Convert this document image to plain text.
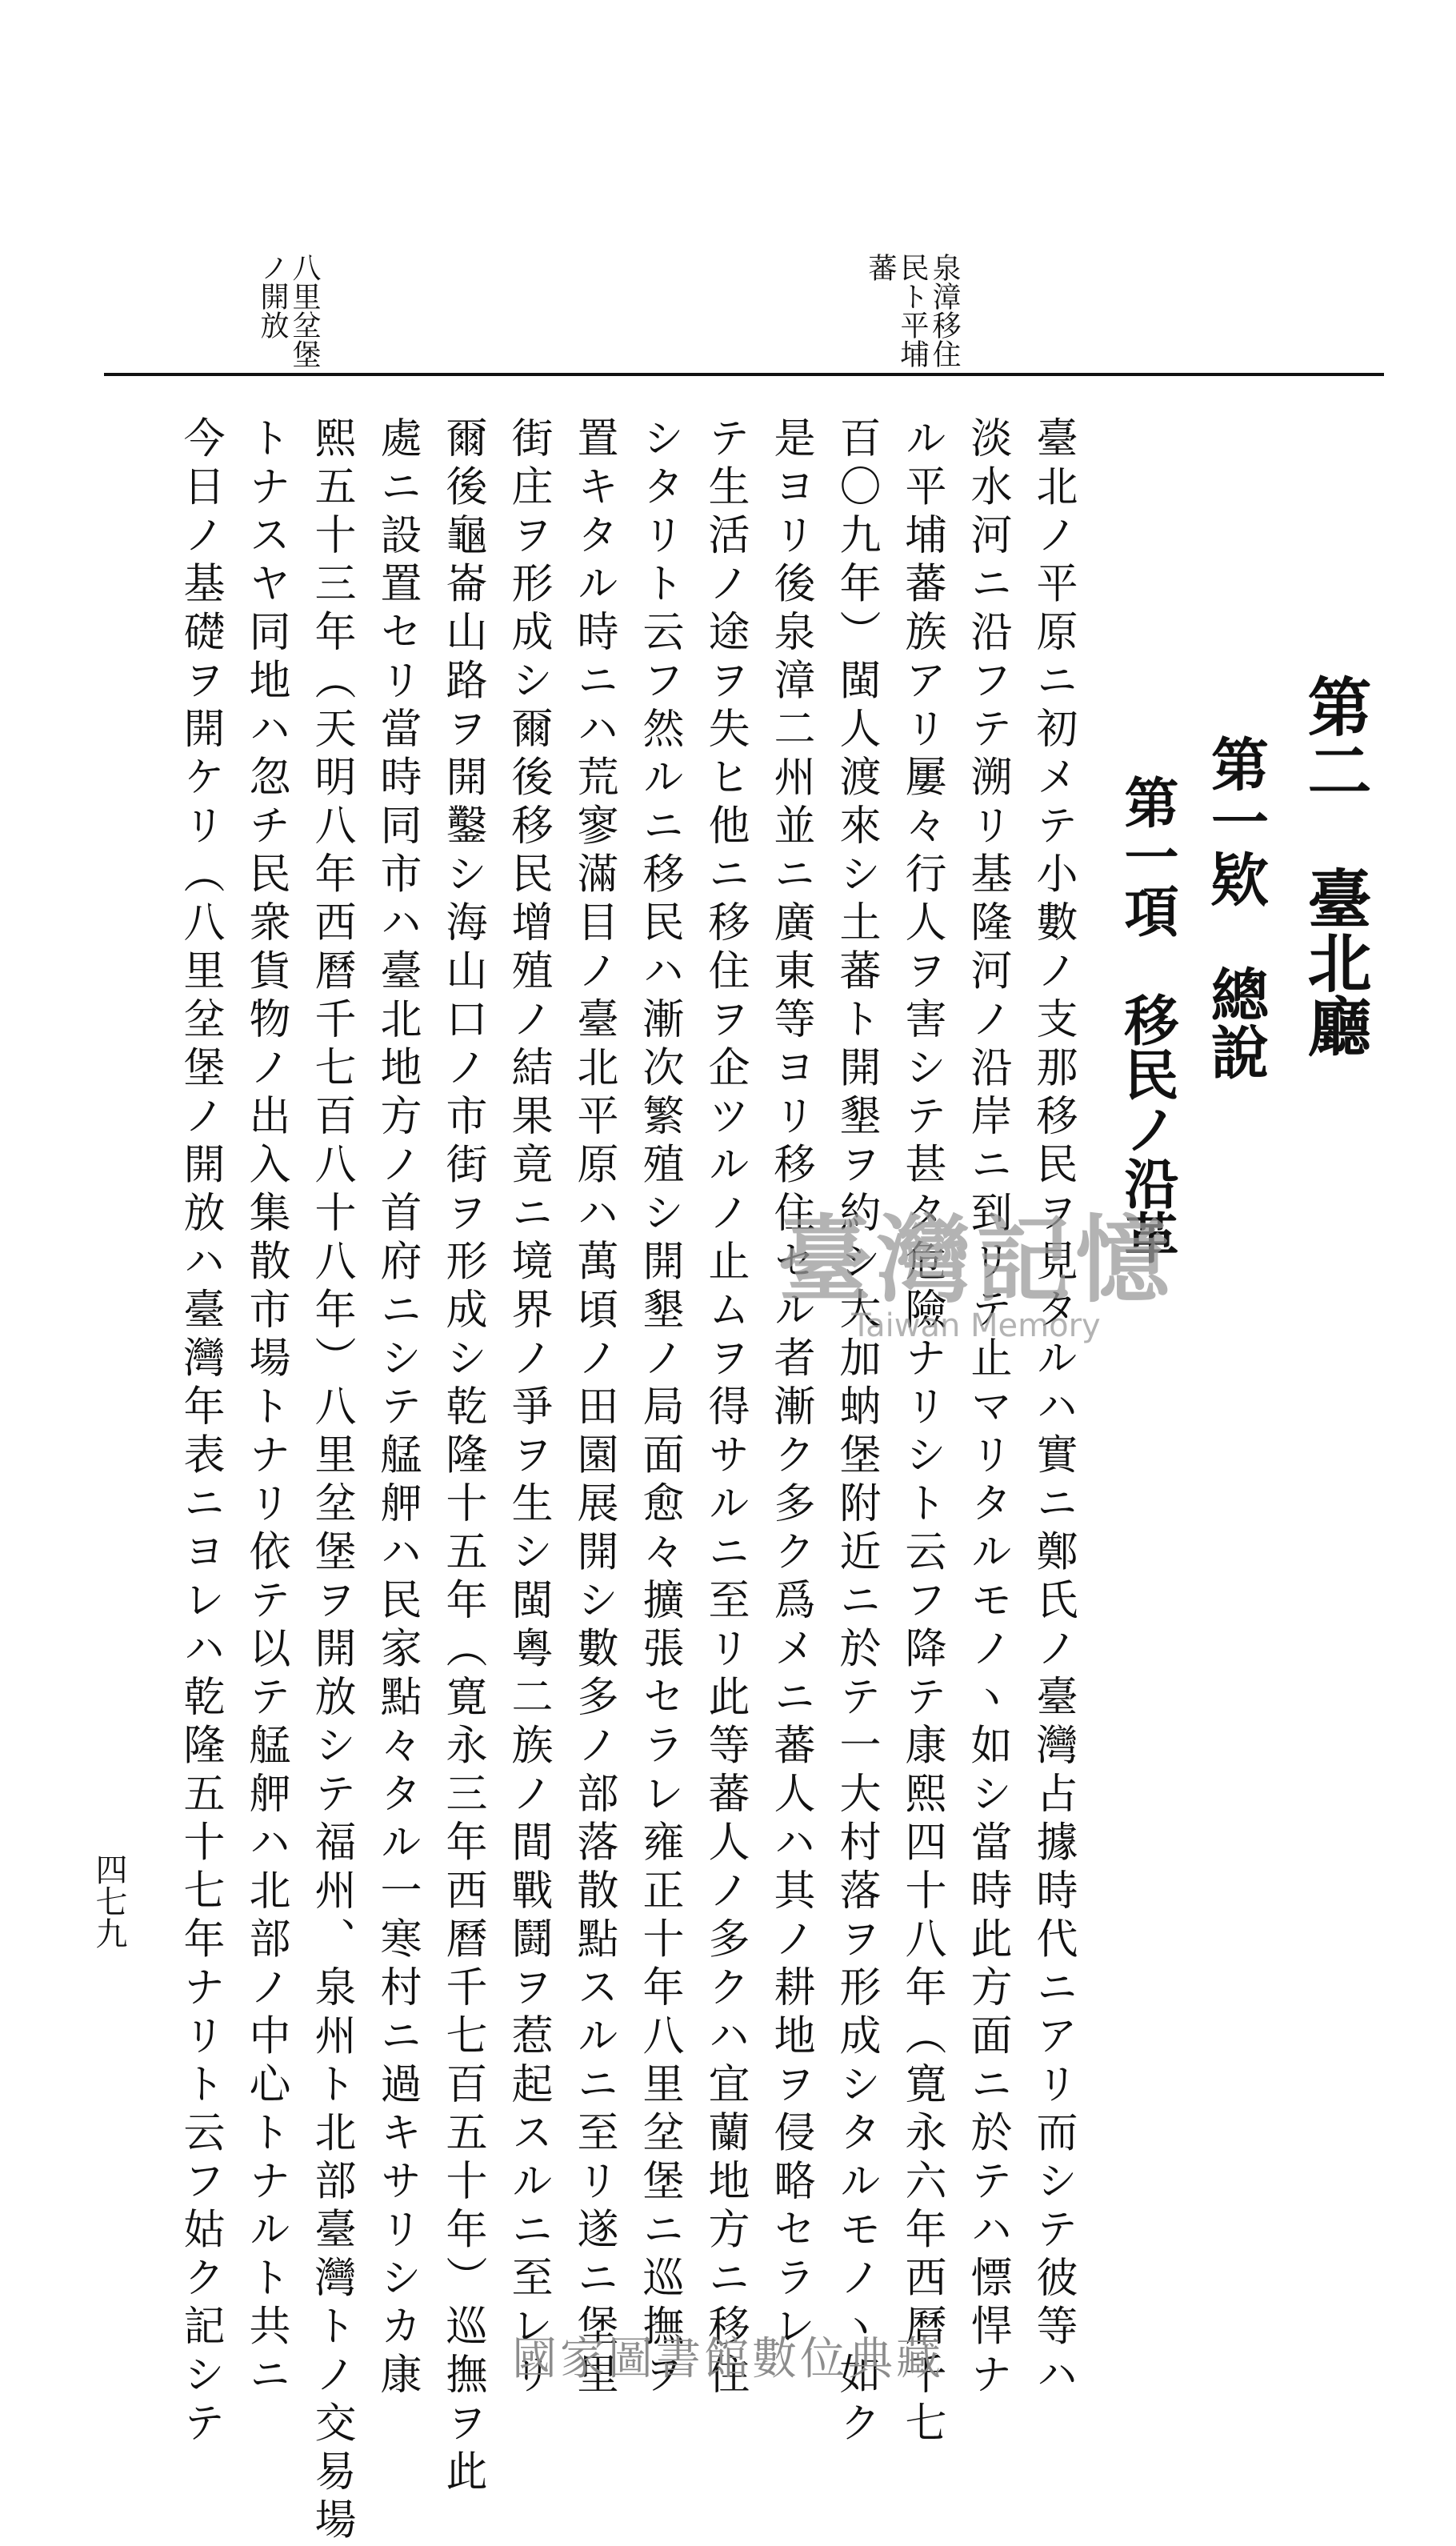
泉漳移住
民ト平埔
蕃
八里坌堡
ノ開放
第二　臺北廳
第一欵　總說
第一項　移民ノ沿革
臺北ノ平原ニ初メテ小數ノ支那移民ヲ見タルハ實ニ鄭氏ノ臺灣占據時代ニアリ而シテ彼等ハ
淡水河ニ沿フテ溯リ基隆河ノ沿岸ニ到リテ止マリタルモノヽ如シ當時此方面ニ於テハ慓悍ナ
ル平埔蕃族アリ屢々行人ヲ害シテ甚タ危險ナリシト云フ降テ康熙四十八年（寛永六年西曆千七
百〇九年）閩人渡來シ土蕃ト開墾ヲ約シ大加蚋堡附近ニ於テ一大村落ヲ形成シタルモノヽ如ク
是ヨリ後泉漳二州並ニ廣東等ヨリ移住セル者漸ク多ク爲メニ蕃人ハ其ノ耕地ヲ侵略セラレ
テ生活ノ途ヲ失ヒ他ニ移住ヲ企ツルノ止ムヲ得サルニ至リ此等蕃人ノ多クハ宜蘭地方ニ移住
シタリト云フ然ルニ移民ハ漸次繁殖シ開墾ノ局面愈々擴張セラレ雍正十年八里坌堡ニ巡撫ヲ
置キタル時ニハ荒寥滿目ノ臺北平原ハ萬頃ノ田園展開シ數多ノ部落散點スルニ至リ遂ニ堡里
街庄ヲ形成シ爾後移民增殖ノ結果竟ニ境界ノ爭ヲ生シ閩粵二族ノ間戰鬪ヲ惹起スルニ至レリ
爾後龜崙山路ヲ開鑿シ海山口ノ市街ヲ形成シ乾隆十五年（寛永三年西曆千七百五十年）巡撫ヲ此
處ニ設置セリ當時同市ハ臺北地方ノ首府ニシテ艋舺ハ民家點々タル一寒村ニ過キサリシカ康
熙五十三年（天明八年西曆千七百八十八年）八里坌堡ヲ開放シテ福州、泉州ト北部臺灣トノ交易場
トナスヤ同地ハ忽チ民衆貨物ノ出入集散市場トナリ依テ以テ艋舺ハ北部ノ中心トナルト共ニ
今日ノ基礎ヲ開ケリ（八里坌堡ノ開放ハ臺灣年表ニヨレハ乾隆五十七年ナリト云フ姑ク記シテ
四七九
臺灣記憶
Taiwan Memory
國家圖書館數位典藏
